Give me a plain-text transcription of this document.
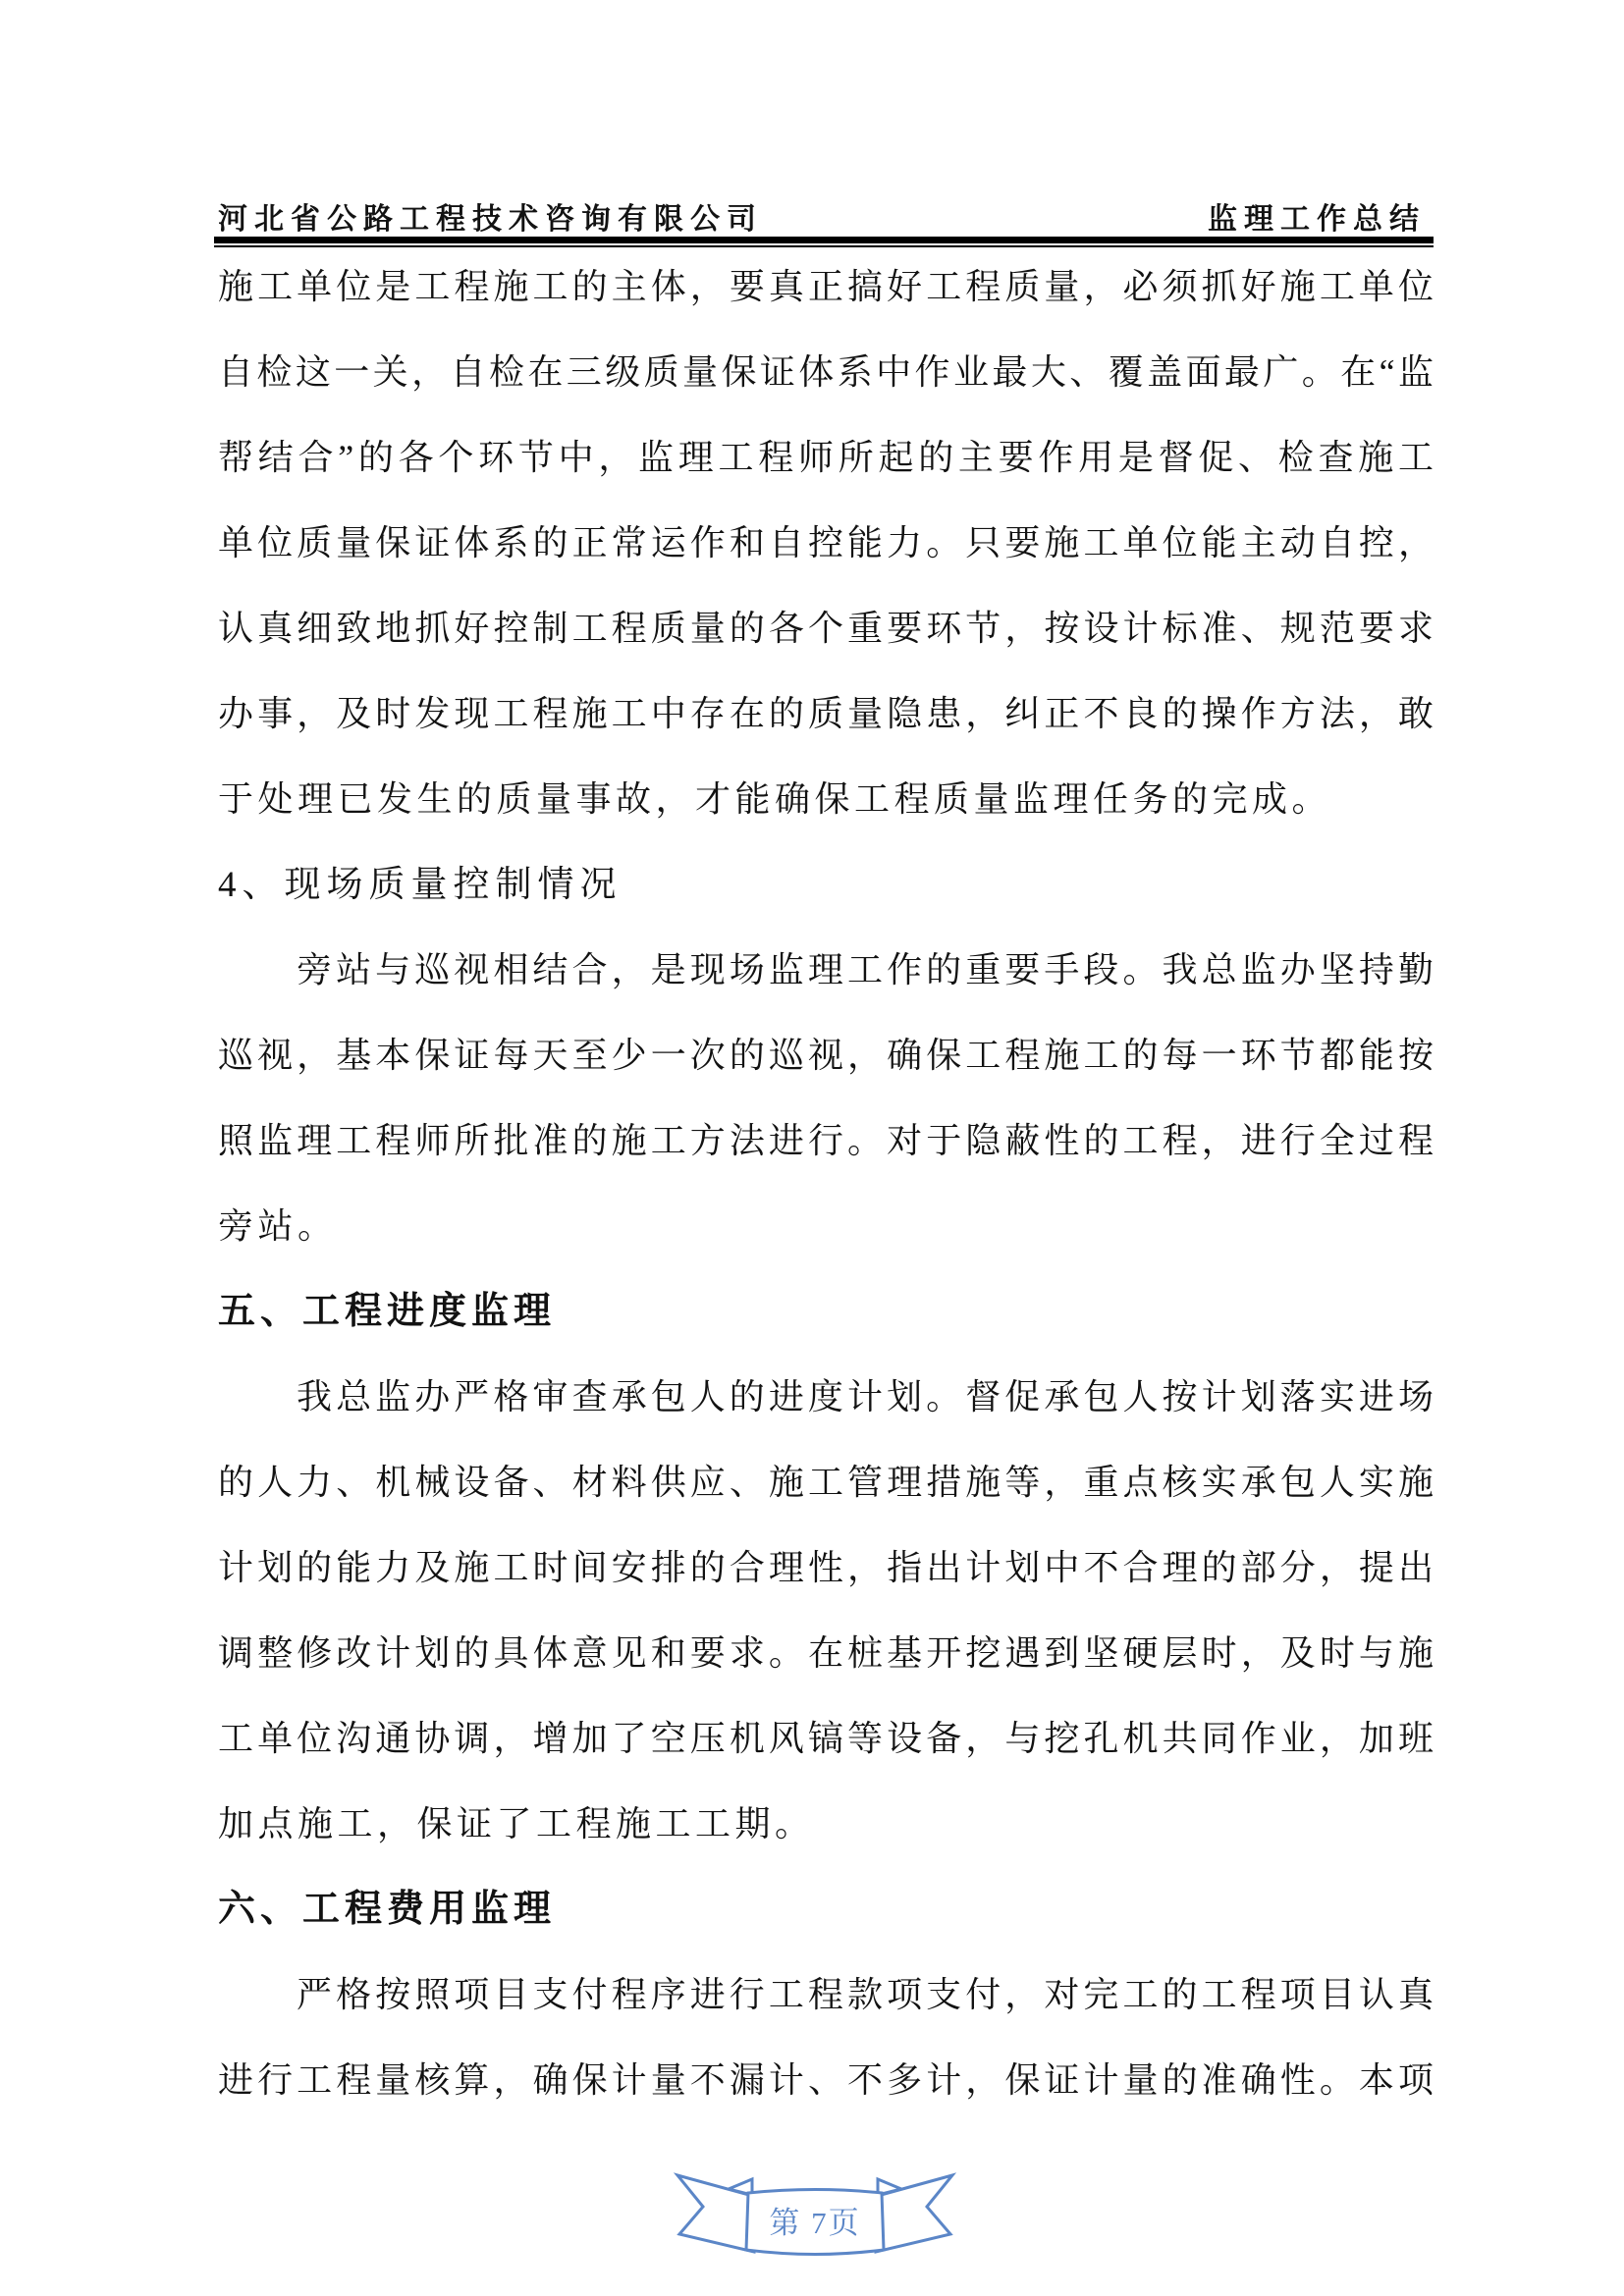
河北省公路工程技术咨询有限公司	监理工作总结
施工单位是工程施工的主体，要真正搞好工程质量，必须抓好施工单位
自检这一关，自检在三级质量保证体系中作业最大、覆盖面最广。在“监
帮结合”的各个环节中，监理工程师所起的主要作用是督促、检查施工
单位质量保证体系的正常运作和自控能力。只要施工单位能主动自控，
认真细致地抓好控制工程质量的各个重要环节，按设计标准、规范要求
办事，及时发现工程施工中存在的质量隐患，纠正不良的操作方法，敢
于处理已发生的质量事故，才能确保工程质量监理任务的完成。
4、现场质量控制情况
旁站与巡视相结合，是现场监理工作的重要手段。我总监办坚持勤
巡视，基本保证每天至少一次的巡视，确保工程施工的每一环节都能按
照监理工程师所批准的施工方法进行。对于隐蔽性的工程，进行全过程
旁站。
五、工程进度监理
我总监办严格审查承包人的进度计划。督促承包人按计划落实进场
的人力、机械设备、材料供应、施工管理措施等，重点核实承包人实施
计划的能力及施工时间安排的合理性，指出计划中不合理的部分，提出
调整修改计划的具体意见和要求。在桩基开挖遇到坚硬层时，及时与施
工单位沟通协调，增加了空压机风镐等设备，与挖孔机共同作业，加班
加点施工，保证了工程施工工期。
六、工程费用监理
严格按照项目支付程序进行工程款项支付，对完工的工程项目认真
进行工程量核算，确保计量不漏计、不多计，保证计量的准确性。本项
第 7页
